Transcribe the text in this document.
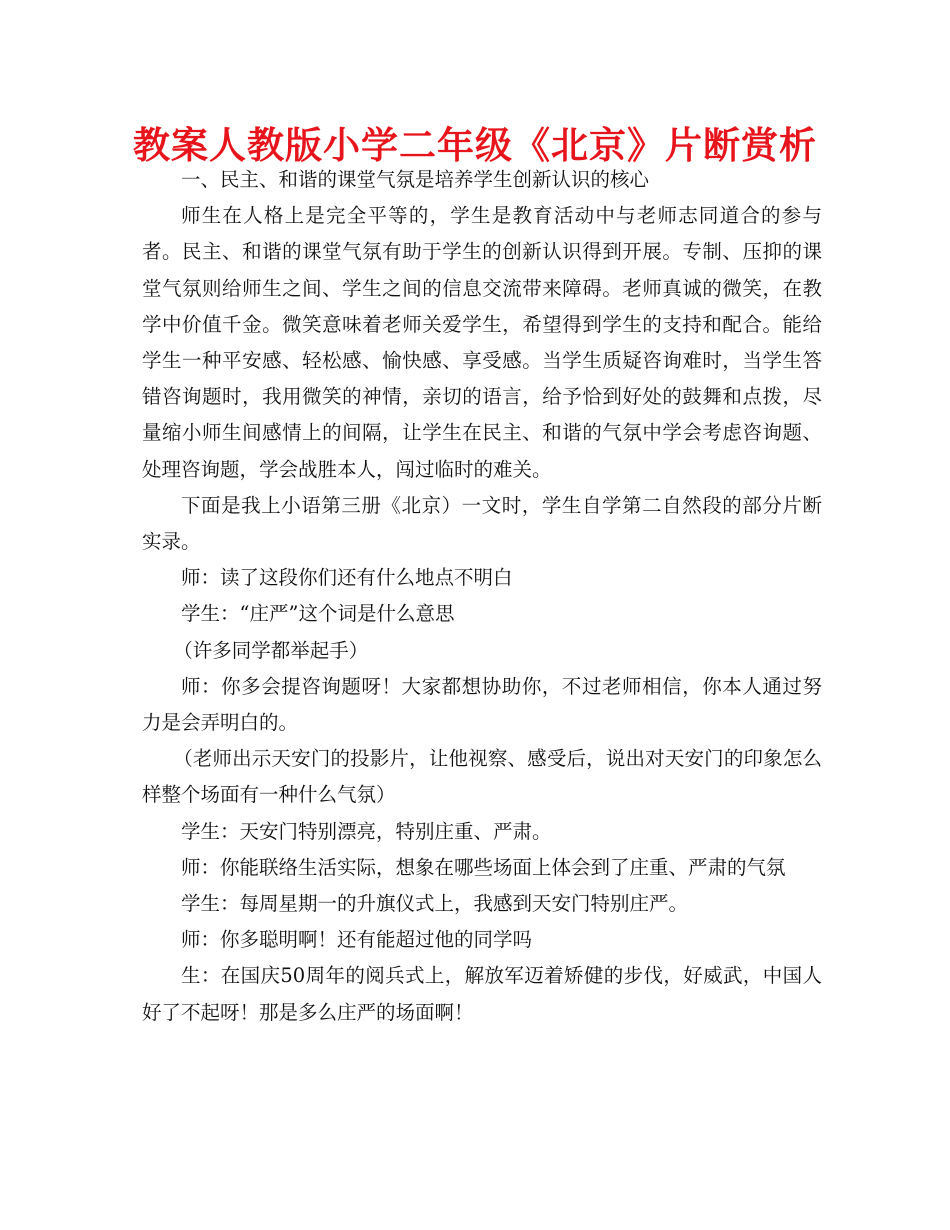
教案人教版小学二年级《北京》片断赏析

一、民主、和谐的课堂气氛是培养学生创新认识的核心

师生在人格上是完全平等的，学生是教育活动中与老师志同道合的参与者。民主、和谐的课堂气氛有助于学生的创新认识得到开展。专制、压抑的课堂气氛则给师生之间、学生之间的信息交流带来障碍。老师真诚的微笑，在教学中价值千金。微笑意味着老师关爱学生，希望得到学生的支持和配合。能给学生一种平安感、轻松感、愉快感、享受感。当学生质疑咨询难时，当学生答错咨询题时，我用微笑的神情，亲切的语言，给予恰到好处的鼓舞和点拨，尽量缩小师生间感情上的间隔，让学生在民主、和谐的气氛中学会考虑咨询题、处理咨询题，学会战胜本人，闯过临时的难关。

下面是我上小语第三册《北京）一文时，学生自学第二自然段的部分片断实录。

师：读了这段你们还有什么地点不明白

学生：“庄严”这个词是什么意思

（许多同学都举起手）

师：你多会提咨询题呀！大家都想协助你，不过老师相信，你本人通过努力是会弄明白的。

（老师出示天安门的投影片，让他视察、感受后，说出对天安门的印象怎么样整个场面有一种什么气氛）

学生：天安门特别漂亮，特别庄重、严肃。

师：你能联络生活实际，想象在哪些场面上体会到了庄重、严肃的气氛

学生：每周星期一的升旗仪式上，我感到天安门特别庄严。

师：你多聪明啊！还有能超过他的同学吗

生：在国庆50周年的阅兵式上，解放军迈着矫健的步伐，好威武，中国人好了不起呀！那是多么庄严的场面啊！
